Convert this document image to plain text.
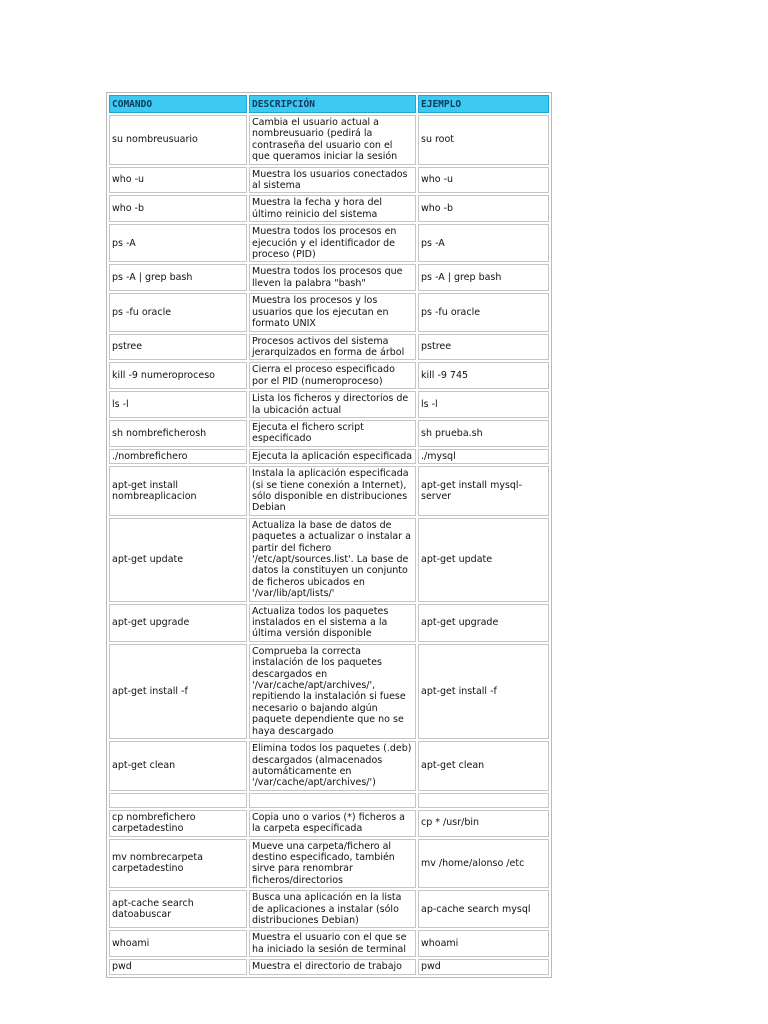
COMANDO	DESCRIPCIÓN	EJEMPLO
su nombreusuario	Cambia el usuario actual a nombreusuario (pedirá la contraseña del usuario con el que queramos iniciar la sesión	su root
who -u	Muestra los usuarios conectados al sistema	who -u
who -b	Muestra la fecha y hora del último reinicio del sistema	who -b
ps -A	Muestra todos los procesos en ejecución y el identificador de proceso (PID)	ps -A
ps -A | grep bash	Muestra todos los procesos que lleven la palabra "bash"	ps -A | grep bash
ps -fu oracle	Muestra los procesos y los usuarios que los ejecutan en formato UNIX	ps -fu oracle
pstree	Procesos activos del sistema jerarquizados en forma de árbol	pstree
kill -9 numeroproceso	Cierra el proceso especificado por el PID (numeroproceso)	kill -9 745
ls -l	Lista los ficheros y directorios de la ubicación actual	ls -l
sh nombreficherosh	Ejecuta el fichero script especificado	sh prueba.sh
./nombrefichero	Ejecuta la aplicación especificada	./mysql
apt-get install nombreaplicacion	Instala la aplicación especificada (si se tiene conexión a Internet), sólo disponible en distribuciones Debian	apt-get install mysql-server
apt-get update	Actualiza la base de datos de paquetes a actualizar o instalar a partir del fichero '/etc/apt/sources.list'. La base de datos la constituyen un conjunto de ficheros ubicados en '/var/lib/apt/lists/'	apt-get update
apt-get upgrade	Actualiza todos los paquetes instalados en el sistema a la última versión disponible	apt-get upgrade
apt-get install -f	Comprueba la correcta instalación de los paquetes descargados en '/var/cache/apt/archives/', repitiendo la instalación si fuese necesario o bajando algún paquete dependiente que no se haya descargado	apt-get install -f
apt-get clean	Elimina todos los paquetes (.deb) descargados (almacenados automáticamente en '/var/cache/apt/archives/')	apt-get clean

cp nombrefichero carpetadestino	Copia uno o varios (*) ficheros a la carpeta especificada	cp * /usr/bin
mv nombrecarpeta carpetadestino	Mueve una carpeta/fichero al destino especificado, también sirve para renombrar ficheros/directorios	mv /home/alonso /etc
apt-cache search datoabuscar	Busca una aplicación en la lista de aplicaciones a instalar (sólo distribuciones Debian)	ap-cache search mysql
whoami	Muestra el usuario con el que se ha iniciado la sesión de terminal	whoami
pwd	Muestra el directorio de trabajo	pwd
